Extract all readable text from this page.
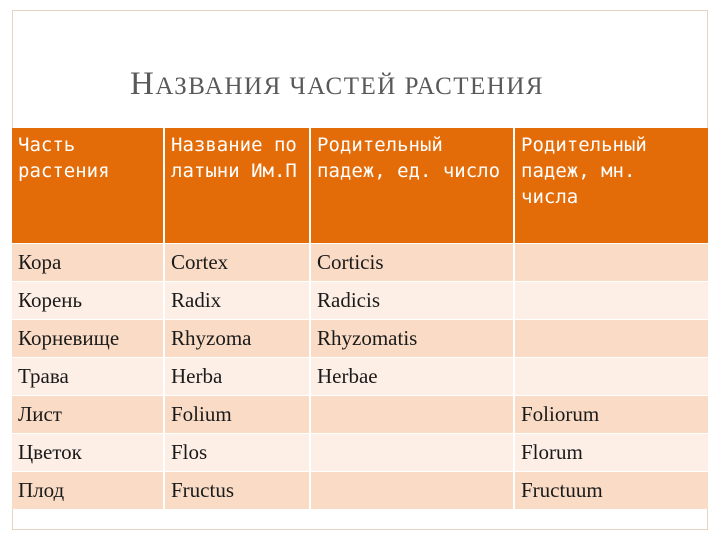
НАЗВАНИЯ ЧАСТЕЙ РАСТЕНИЯ
Часть растения	Название по латыни Им.П	Родительный падеж, ед. число	Родительный падеж, мн. числа
Кора	Cortex	Corticis	
Корень	Radix	Radicis	
Корневище	Rhyzoma	Rhyzomatis	
Трава	Herba	Herbae	
Лист	Folium		Foliorum
Цветок	Flos		Florum
Плод	Fructus		Fructuum
